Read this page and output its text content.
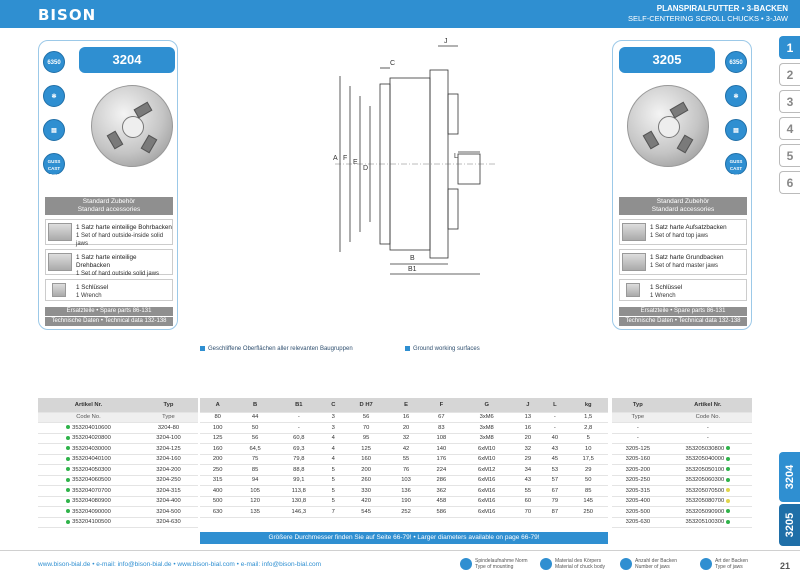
BISON	PLANSPIRALFUTTER • 3-BACKEN
SELF-CENTERING SCROLL CHUCKS • 3-JAW
1
2
3
4
5
6
3204
3205
3204
6350
✻
▤
GUSS CAST IRON
Standard Zubehör
Standard accessories
1 Satz harte einteilige Bohrbacken
1 Set of hard outside-inside solid jaws
1 Satz harte einteilige Drehbacken
1 Set of hard outside solid jaws
1 Schlüssel
1 Wrench
Ersatzteile • Spare parts 86-131
Technische Daten • Technical data 132-138
3205	6350
✻
▤
GUSS CAST IRON
Standard Zubehör
Standard accessories
1 Satz harte Aufsatzbacken
1 Set of hard top jaws
1 Satz harte Grundbacken
1 Set of hard master jaws
1 Schlüssel
1 Wrench
Ersatzteile • Spare parts 86-131
Technische Daten • Technical data 132-138
J
C
A F
E
D
L
B
B1
Geschliffene Oberflächen aller relevanten Baugruppen	Ground working surfaces
Artikel Nr.	Typ
Code No.	Type
353204010600	3204-80
353204020800	3204-100
353204030000	3204-125
353204040100	3204-160
353204050300	3204-200
353204060500	3204-250
353204070700	3204-315
353204080900	3204-400
353204090000	3204-500
353204100500	3204-630
A	B	B1	C	D H7	E	F	G	J	L	kg
80	44	-	3	56	16	67	3xM6	13	-	1,5
100	50	-	3	70	20	83	3xM8	16	-	2,8
125	56	60,8	4	95	32	108	3xM8	20	40	5
160	64,5	69,3	4	125	42	140	6xM10	32	43	10
200	75	79,8	4	160	55	176	6xM10	29	45	17,5
250	85	88,8	5	200	76	224	6xM12	34	53	29
315	94	99,1	5	260	103	286	6xM16	43	57	50
400	105	113,8	5	330	136	362	6xM16	55	67	85
500	120	130,8	5	420	190	458	6xM16	60	79	145
630	135	146,3	7	545	252	586	6xM16	70	87	250
Typ	Artikel Nr.
Type	Code No.
-	-
-	-
3205-125	353205030800
3205-160	353205040000
3205-200	353205050100
3205-250	353205060300
3205-315	353205070500
3205-400	353205080700
3205-500	353205090900
3205-630	353205100300
Größere Durchmesser finden Sie auf Seite 66-79! • Larger diameters available on page 66-79!
www.bison-bial.de • e-mail: info@bison-bial.de • www.bison-bial.com • e-mail: info@bison-bial.com	Spindelaufnahme Norm
Type of mounting
Material des Körpers
Material of chuck body
Anzahl der Backen
Number of jaws
Art der Backen
Type of jaws	21
